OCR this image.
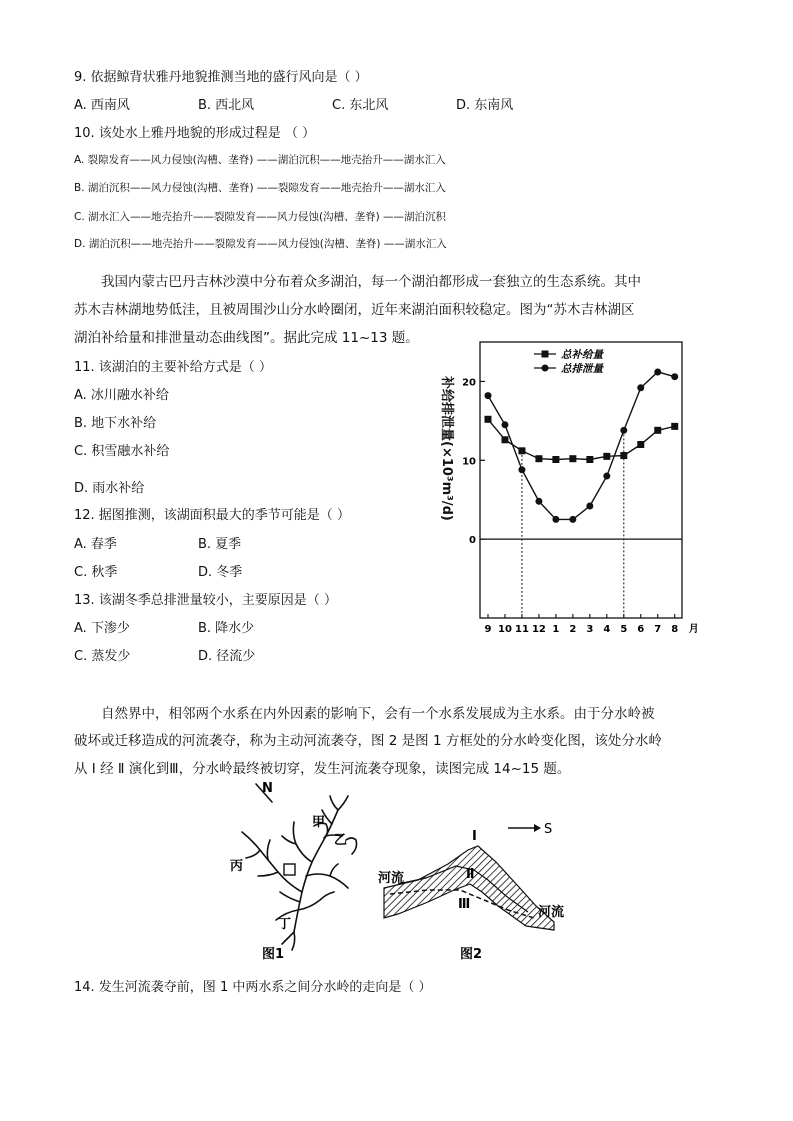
9. 依据鲸背状雅丹地貌推测当地的盛行风向是（ ）
A. 西南风	B. 西北风	C. 东北风	D. 东南风
10. 该处水上雅丹地貌的形成过程是 （ ）
A. 裂隙发育——风力侵蚀(沟槽、垄脊) ——湖泊沉积——地壳抬升——湖水汇入
B. 湖泊沉积——风力侵蚀(沟槽、垄脊) ——裂隙发育——地壳抬升——湖水汇入
C. 湖水汇入——地壳抬升——裂隙发育——风力侵蚀(沟槽、垄脊) ——湖泊沉积
D. 湖泊沉积——地壳抬升——裂隙发育——风力侵蚀(沟槽、垄脊) ——湖水汇入
我国内蒙古巴丹吉林沙漠中分布着众多湖泊，每一个湖泊都形成一套独立的生态系统。其中
苏木吉林湖地势低洼，且被周围沙山分水岭圈闭，近年来湖泊面积较稳定。图为“苏木吉林湖区
湖泊补给量和排泄量动态曲线图”。据此完成 11~13 题。
11. 该湖泊的主要补给方式是（ ）
A. 冰川融水补给
B. 地下水补给
C. 积雪融水补给
D. 雨水补给
12. 据图推测，该湖面积最大的季节可能是（ ）
A. 春季	B. 夏季
C. 秋季	D. 冬季
13. 该湖冬季总排泄量较小，主要原因是（ ）
A. 下渗少	B. 降水少
C. 蒸发少	D. 径流少
补给排泄量(×10³m³/d) 20
10
0
9 10 11 12 1 2 3 4 5 6 7 8 月
总补给量
总排泄量
自然界中，相邻两个水系在内外因素的影响下，会有一个水系发展成为主水系。由于分水岭被
破坏或迁移造成的河流袭夺，称为主动河流袭夺，图 2 是图 1 方框处的分水岭变化图，该处分水岭
从 Ⅰ 经 Ⅱ 演化到Ⅲ，分水岭最终被切穿，发生河流袭夺现象，读图完成 14~15 题。
N
甲
乙
丙
丁
图1
S
Ⅰ
Ⅱ
Ⅲ
河流
河流
图2
14. 发生河流袭夺前，图 1 中两水系之间分水岭的走向是（ ）
